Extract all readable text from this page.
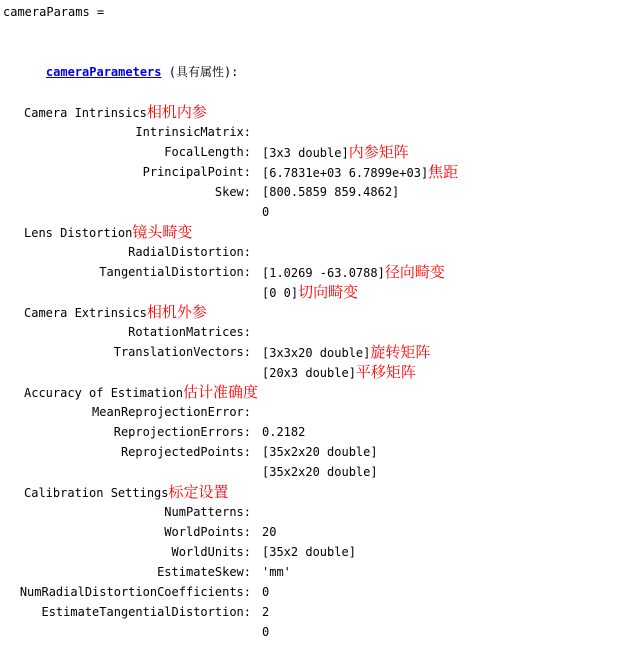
cameraParams =

cameraParameters (具有属性):

Camera Intrinsics相机内参

IntrinsicMatrix:

[3x3 double]内参矩阵

FocalLength:

[6.7831e+03 6.7899e+03]焦距

PrincipalPoint:

[800.5859 859.4862]

Skew:

0

Lens Distortion镜头畸变

RadialDistortion:

[1.0269 -63.0788]径向畸变

TangentialDistortion:

[0 0]切向畸变

Camera Extrinsics相机外参

RotationMatrices:

[3x3x20 double]旋转矩阵

TranslationVectors:

[20x3 double]平移矩阵

Accuracy of Estimation估计准确度

MeanReprojectionError:

0.2182

ReprojectionErrors:

[35x2x20 double]

ReprojectedPoints:

[35x2x20 double]

Calibration Settings标定设置

NumPatterns:

20

WorldPoints:

[35x2 double]

WorldUnits:

'mm'

EstimateSkew:

0

NumRadialDistortionCoefficients:

2

EstimateTangentialDistortion:

0
